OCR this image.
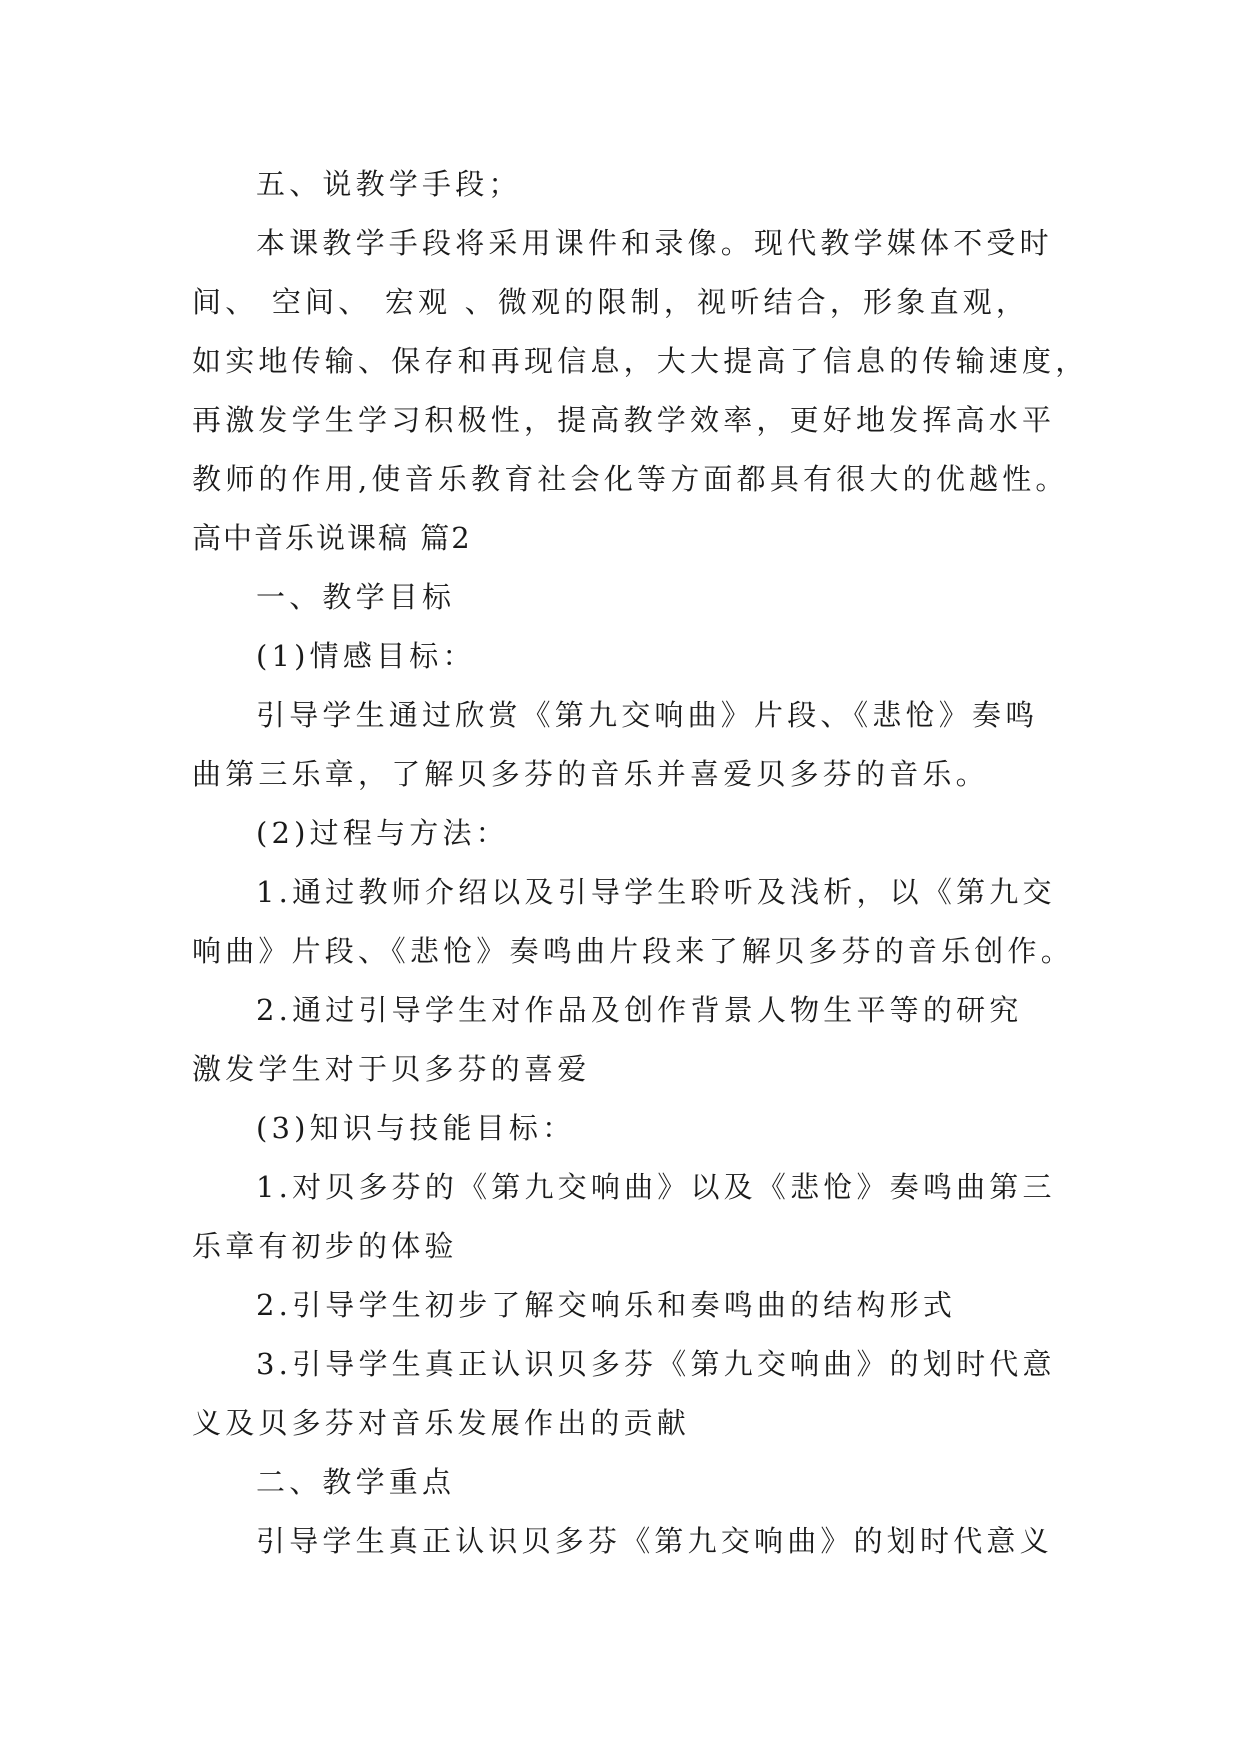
五、说教学手段；
本课教学手段将采用课件和录像。现代教学媒体不受时
间、 空间、 宏观 、微观的限制，视听结合，形象直观，
如实地传输、保存和再现信息，大大提高了信息的传输速度，
再激发学生学习积极性，提高教学效率，更好地发挥高水平
教师的作用,使音乐教育社会化等方面都具有很大的优越性。
高中音乐说课稿 篇2
一、教学目标
(1)情感目标：
引导学生通过欣赏《第九交响曲》片段、《悲怆》奏鸣
曲第三乐章，了解贝多芬的音乐并喜爱贝多芬的音乐。
(2)过程与方法：
1.通过教师介绍以及引导学生聆听及浅析，以《第九交
响曲》片段、《悲怆》奏鸣曲片段来了解贝多芬的音乐创作。
2.通过引导学生对作品及创作背景人物生平等的研究
激发学生对于贝多芬的喜爱
(3)知识与技能目标：
1.对贝多芬的《第九交响曲》以及《悲怆》奏鸣曲第三
乐章有初步的体验
2.引导学生初步了解交响乐和奏鸣曲的结构形式
3.引导学生真正认识贝多芬《第九交响曲》的划时代意
义及贝多芬对音乐发展作出的贡献
二、教学重点
引导学生真正认识贝多芬《第九交响曲》的划时代意义
